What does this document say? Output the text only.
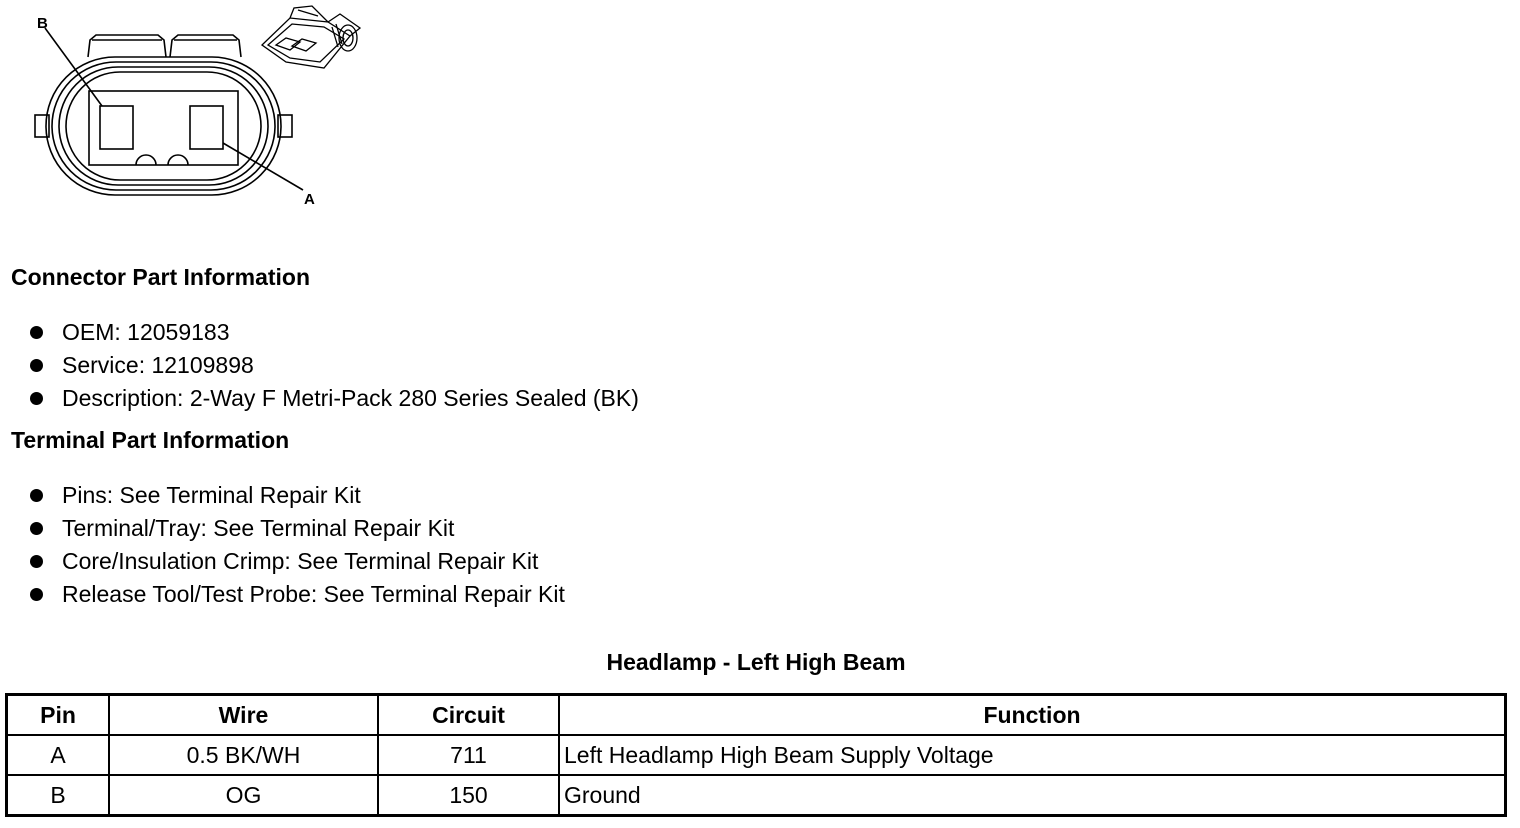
B
A
Connector Part Information
OEM: 12059183
Service: 12109898
Description: 2-Way F Metri-Pack 280 Series Sealed (BK)
Terminal Part Information
Pins: See Terminal Repair Kit
Terminal/Tray: See Terminal Repair Kit
Core/Insulation Crimp: See Terminal Repair Kit
Release Tool/Test Probe: See Terminal Repair Kit
Headlamp - Left High Beam
Pin	Wire	Circuit	Function
A	0.5 BK/WH	711	Left Headlamp High Beam Supply Voltage
B	OG	150	Ground
